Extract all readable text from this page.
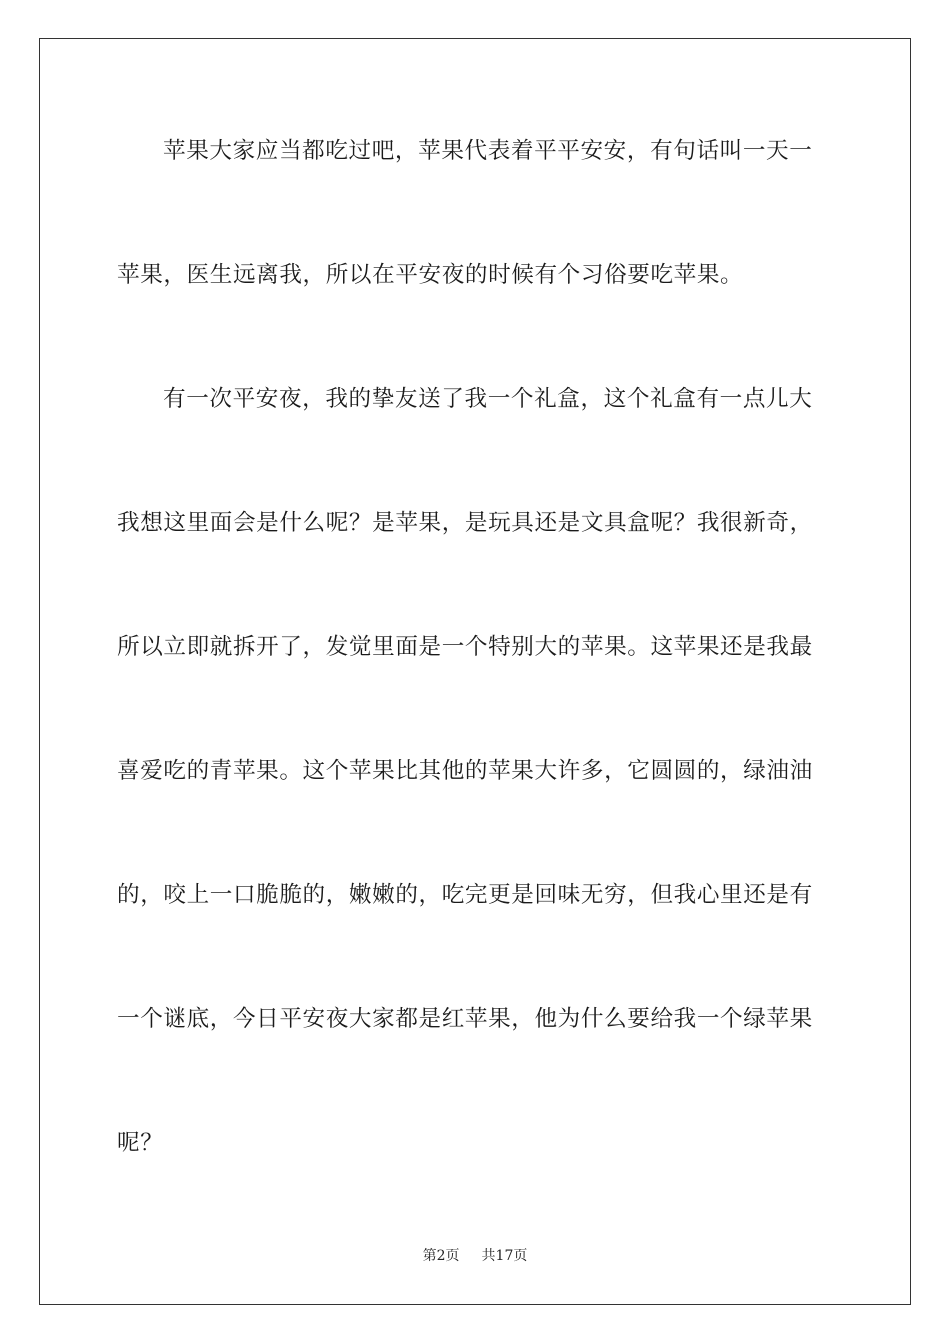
苹果大家应当都吃过吧，苹果代表着平平安安，有句话叫一天一
苹果，医生远离我，所以在平安夜的时候有个习俗要吃苹果。
有一次平安夜，我的挚友送了我一个礼盒，这个礼盒有一点儿大
我想这里面会是什么呢？是苹果，是玩具还是文具盒呢？我很新奇，
所以立即就拆开了，发觉里面是一个特别大的苹果。这苹果还是我最
喜爱吃的青苹果。这个苹果比其他的苹果大许多，它圆圆的，绿油油
的，咬上一口脆脆的，嫩嫩的，吃完更是回味无穷，但我心里还是有
一个谜底，今日平安夜大家都是红苹果，他为什么要给我一个绿苹果
呢？
第2页 共17页
